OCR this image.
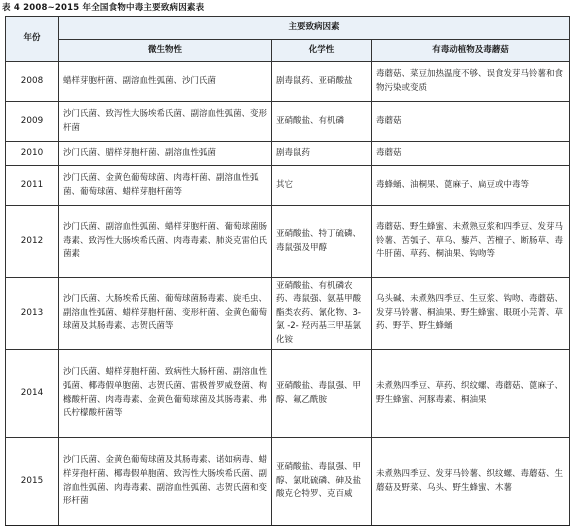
表 4 2008~2015 年全国食物中毒主要致病因素表
年份	主要致病因素		
	微生物性	化学性	有毒动植物及毒蘑菇
2008	蜡样芽胞杆菌、副溶血性弧菌、沙门氏菌	剧毒鼠药、亚硝酸盐	毒蘑菇、菜豆加热温度不够、误食发芽马铃薯和食物污染或变质
2009	沙门氏菌、致泻性大肠埃希氏菌、副溶血性弧菌、变形杆菌	亚硝酸盐、有机磷	毒蘑菇
2010	沙门氏菌、腊样芽胞杆菌、副溶血性弧菌	剧毒鼠药	毒蘑菇
2011	沙门氏菌、金黄色葡萄球菌、肉毒杆菌、副溶血性弧菌、葡萄球菌、蜡样芽胞杆菌等	其它	毒蜂蛹、油桐果、蓖麻子、扁豆或中毒等
2012	沙门氏菌、副溶血性弧菌、蜡样芽胞杆菌、葡萄球菌肠毒素、致泻性大肠埃希氏菌、肉毒毒素、肺炎克雷伯氏菌素	亚硝酸盐、特丁硫磷、毒鼠强及甲醇	毒蘑菇、野生蜂蜜、未煮熟豆浆和四季豆、发芽马铃薯、苦瓠子、草乌、藜芦、苦檀子、断肠草、毒牛肝菌、草药、桐油果、钩吻等
2013	沙门氏菌、大肠埃希氏菌、葡萄球菌肠毒素、旋毛虫、副溶血性弧菌、蜡样芽胞杆菌、变形杆菌、金黄色葡萄球菌及其肠毒素、志贺氏菌等	亚硝酸盐、有机磷农药、毒鼠强、氨基甲酸酯类农药、氰化物、3- 氯 -2- 羟丙基三甲基氯化铵	乌头碱、未煮熟四季豆、生豆浆、钩吻、毒蘑菇、发芽马铃薯、桐油果、野生蜂蜜、眼斑小芫菁、草药、野芋、野生蜂蛹
2014	沙门氏菌、蜡样芽胞杆菌、致病性大肠杆菌、副溶血性弧菌、椰毒假单胞菌、志贺氏菌、雷极普罗威登菌、枸橼酸杆菌、肉毒毒素、金黄色葡萄球菌及其肠毒素、弗氏柠檬酸杆菌等	亚硝酸盐、毒鼠强、甲醇、氟乙酰胺	未煮熟四季豆、草药、织纹螺、毒蘑菇、蓖麻子、野生蜂蜜、河豚毒素、桐油果
2015	沙门氏菌、金黄色葡萄球菌及其肠毒素、诺如病毒、蜡样芽孢杆菌、椰毒假单胞菌、致泻性大肠埃希氏菌、副溶血性弧菌、肉毒毒素、副溶血性弧菌、志贺氏菌和变形杆菌	亚硝酸盐、毒鼠强、甲醇、氯吡硫磷、砷及盐酸克仑特罗、克百威	未煮熟四季豆、发芽马铃薯、织纹螺、毒蘑菇、生蘑菇及野菜、乌头、野生蜂蜜、木薯
